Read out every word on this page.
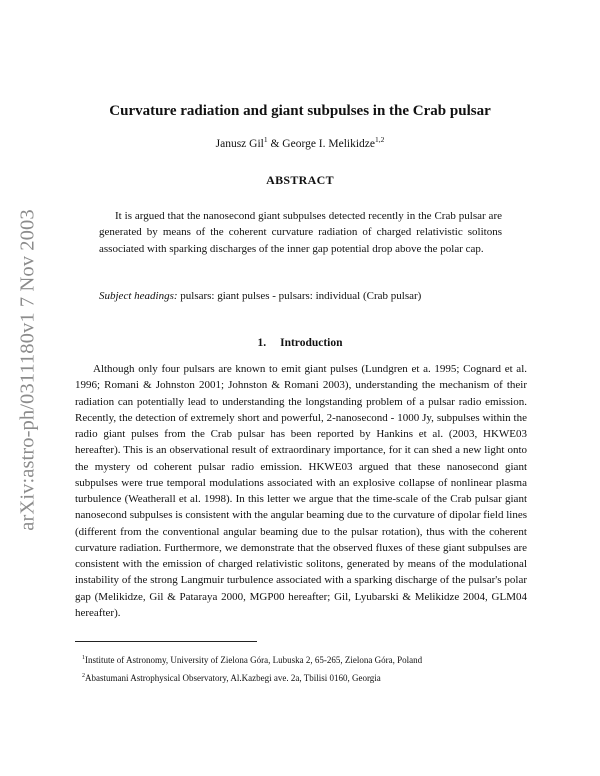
arXiv:astro-ph/0311180v1 7 Nov 2003
Curvature radiation and giant subpulses in the Crab pulsar
Janusz Gil$^1$ & George I. Melikidze$^{1,2}$
ABSTRACT

It is argued that the nanosecond giant subpulses detected recently in the Crab pulsar are generated by means of the coherent curvature radiation of charged relativistic solitons associated with sparking discharges of the inner gap potential drop above the polar cap.

Subject headings: pulsars: giant pulses - pulsars: individual (Crab pulsar)

1. Introduction

Although only four pulsars are known to emit giant pulses (Lundgren et a. 1995; Cognard et al. 1996; Romani & Johnston 2001; Johnston & Romani 2003), understanding the mechanism of their radiation can potentially lead to understanding the longstanding problem of a pulsar radio emission. Recently, the detection of extremely short and powerful, 2-nanosecond - 1000 Jy, subpulses within the radio giant pulses from the Crab pulsar has been reported by Hankins et al. (2003, HKWE03 hereafter). This is an observational result of extraordinary importance, for it can shed a new light onto the mystery od coherent pulsar radio emission. HKWE03 argued that these nanosecond giant subpulses were true temporal modulations associated with an explosive collapse of nonlinear plasma turbulence (Weatherall et al. 1998). In this letter we argue that the time-scale of the Crab pulsar giant nanosecond subpulses is consistent with the angular beaming due to the curvature of dipolar field lines (different from the conventional angular beaming due to the pulsar rotation), thus with the coherent curvature radiation. Furthermore, we demonstrate that the observed fluxes of these giant subpulses are consistent with the emission of charged relativistic solitons, generated by means of the modulational instability of the strong Langmuir turbulence associated with a sparking discharge of the pulsar's polar gap (Melikidze, Gil & Pataraya 2000, MGP00 hereafter; Gil, Lyubarski & Melikidze 2004, GLM04 hereafter).

$^1$Institute of Astronomy, University of Zielona Góra, Lubuska 2, 65-265, Zielona Góra, Poland

$^2$Abastumani Astrophysical Observatory, Al.Kazbegi ave. 2a, Tbilisi 0160, Georgia
